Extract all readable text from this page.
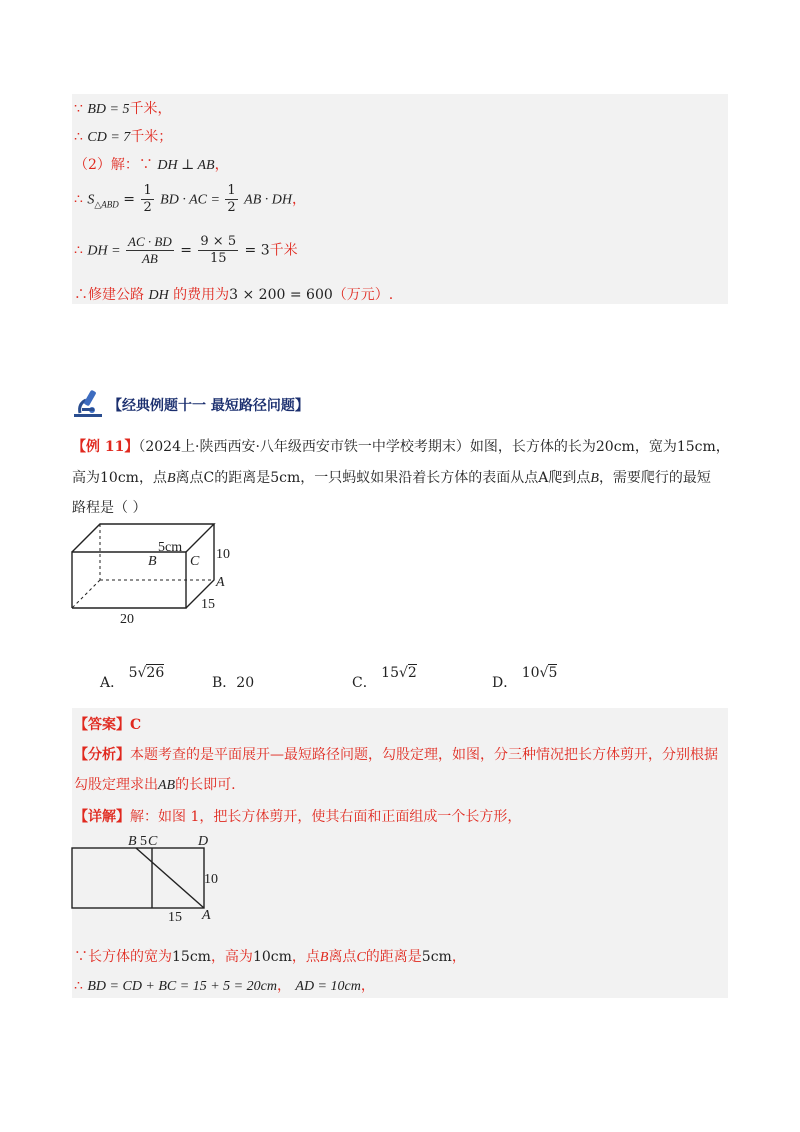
∵ BD = 5千米，
∴ CD = 7千米；
（2）解：∵ DH ⊥ AB，
∴ $S_{\triangle ABD} = \frac{1}{2}$ BD · AC = $\frac{1}{2}$ AB · DH，
∴ DH = $\frac{AC \cdot BD}{AB} = \frac{9 \times 5}{15} = 3$千米
∴修建公路 DH 的费用为3 × 200 = 600（万元）.
【经典例题十一 最短路径问题】
【例 11】（2024上·陕西西安·八年级西安市铁一中学校考期末）如图，长方体的长为20cm，宽为15cm，
高为10cm，点B离点C的距离是5cm，一只蚂蚁如果沿着长方体的表面从点A爬到点B，需要爬行的最短
路程是（ ）
5cm
B C 10
A
15
20
A． 5√26
B．20	C． 15√2
D． 10√5
【答案】C
【分析】本题考查的是平面展开—最短路径问题，勾股定理，如图，分三种情况把长方体剪开，分别根据
勾股定理求出AB的长即可.
【详解】解：如图 1，把长方体剪开，使其右面和正面组成一个长方形，
B 5 C	D
10
15 A
∵长方体的宽为15cm，高为10cm，点B离点C的距离是5cm，
∴ BD = CD + BC = 15 + 5 = 20cm， AD = 10cm，
